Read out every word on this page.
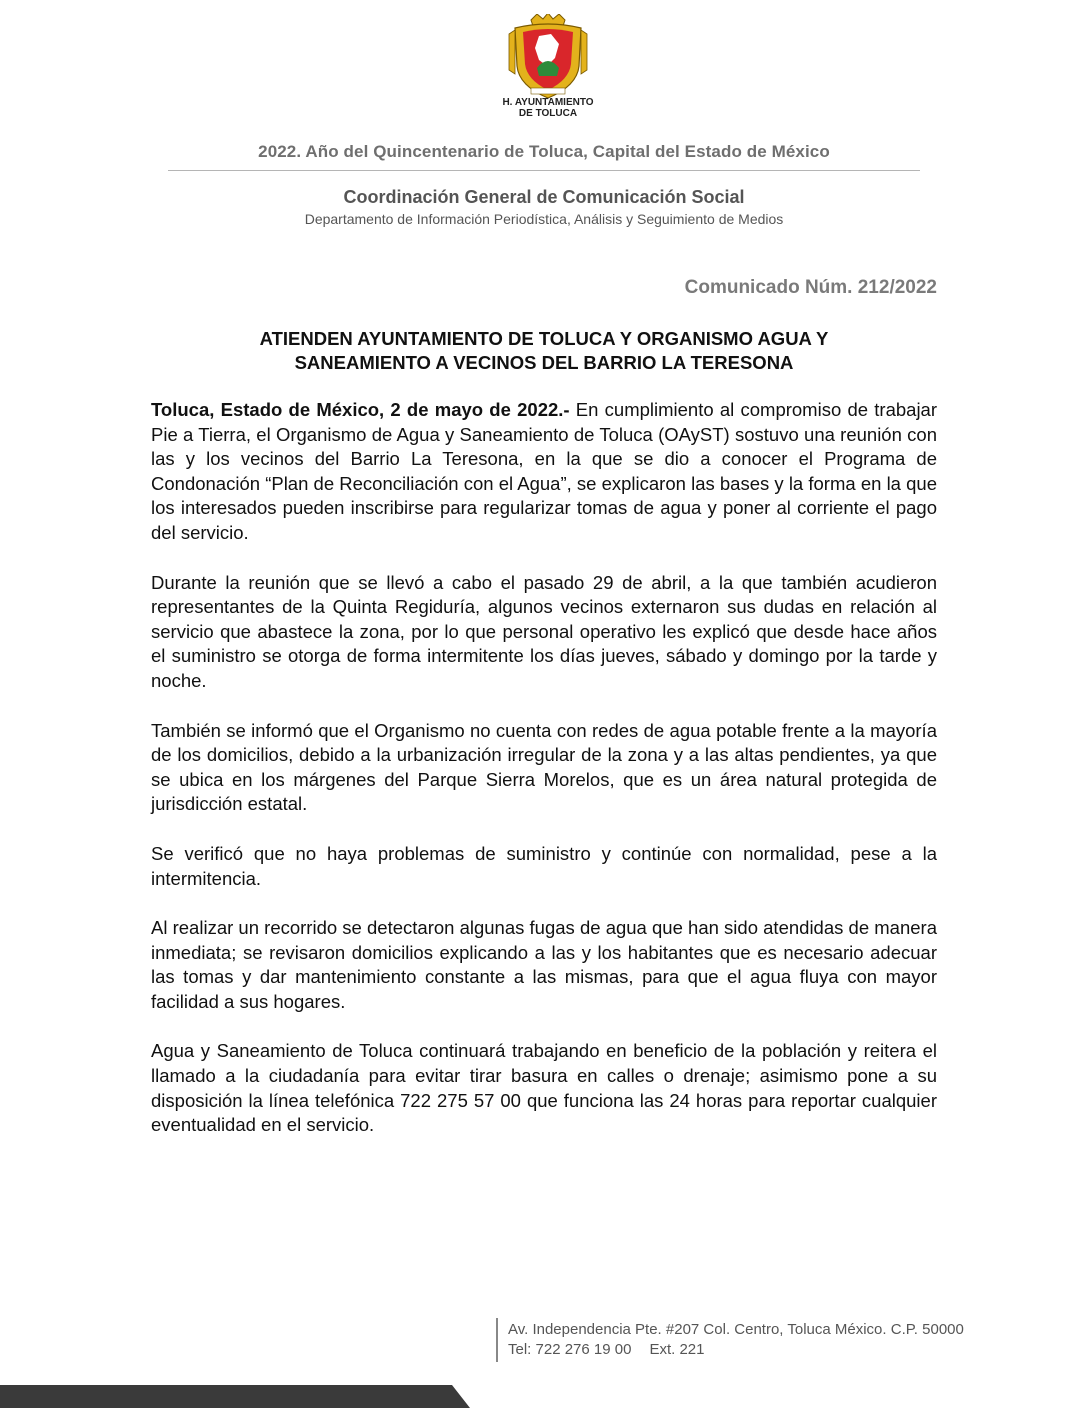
H. AYUNTAMIENTO
DE TOLUCA
2022. Año del Quincentenario de Toluca, Capital del Estado de México
Coordinación General de Comunicación Social
Departamento de Información Periodística, Análisis y Seguimiento de Medios
Comunicado Núm. 212/2022
ATIENDEN AYUNTAMIENTO DE TOLUCA Y ORGANISMO AGUA Y
SANEAMIENTO A VECINOS DEL BARRIO LA TERESONA

Toluca, Estado de México, 2 de mayo de 2022.- En cumplimiento al compromiso de trabajar Pie a Tierra, el Organismo de Agua y Saneamiento de Toluca (OAySТ) sostuvo una reunión con las y los vecinos del Barrio La Teresona, en la que se dio a conocer el Programa de Condonación “Plan de Reconciliación con el Agua”, se explicaron las bases y la forma en la que los interesados pueden inscribirse para regularizar tomas de agua y poner al corriente el pago del servicio.

Durante la reunión que se llevó a cabo el pasado 29 de abril, a la que también acudieron representantes de la Quinta Regiduría, algunos vecinos externaron sus dudas en relación al servicio que abastece la zona, por lo que personal operativo les explicó que desde hace años el suministro se otorga de forma intermitente los días jueves, sábado y domingo por la tarde y noche.

También se informó que el Organismo no cuenta con redes de agua potable frente a la mayoría de los domicilios, debido a la urbanización irregular de la zona y a las altas pendientes, ya que se ubica en los márgenes del Parque Sierra Morelos, que es un área natural protegida de jurisdicción estatal.

Se verificó que no haya problemas de suministro y continúe con normalidad, pese a la intermitencia.

Al realizar un recorrido se detectaron algunas fugas de agua que han sido atendidas de manera inmediata; se revisaron domicilios explicando a las y los habitantes que es necesario adecuar las tomas y dar mantenimiento constante a las mismas, para que el agua fluya con mayor facilidad a sus hogares.

Agua y Saneamiento de Toluca continuará trabajando en beneficio de la población y reitera el llamado a la ciudadanía para evitar tirar basura en calles o drenaje; asimismo pone a su disposición la línea telefónica 722 275 57 00 que funciona las 24 horas para reportar cualquier eventualidad en el servicio.

Av. Independencia Pte. #207 Col. Centro, Toluca México. C.P. 50000
Tel: 722 276 19 00 Ext. 221
